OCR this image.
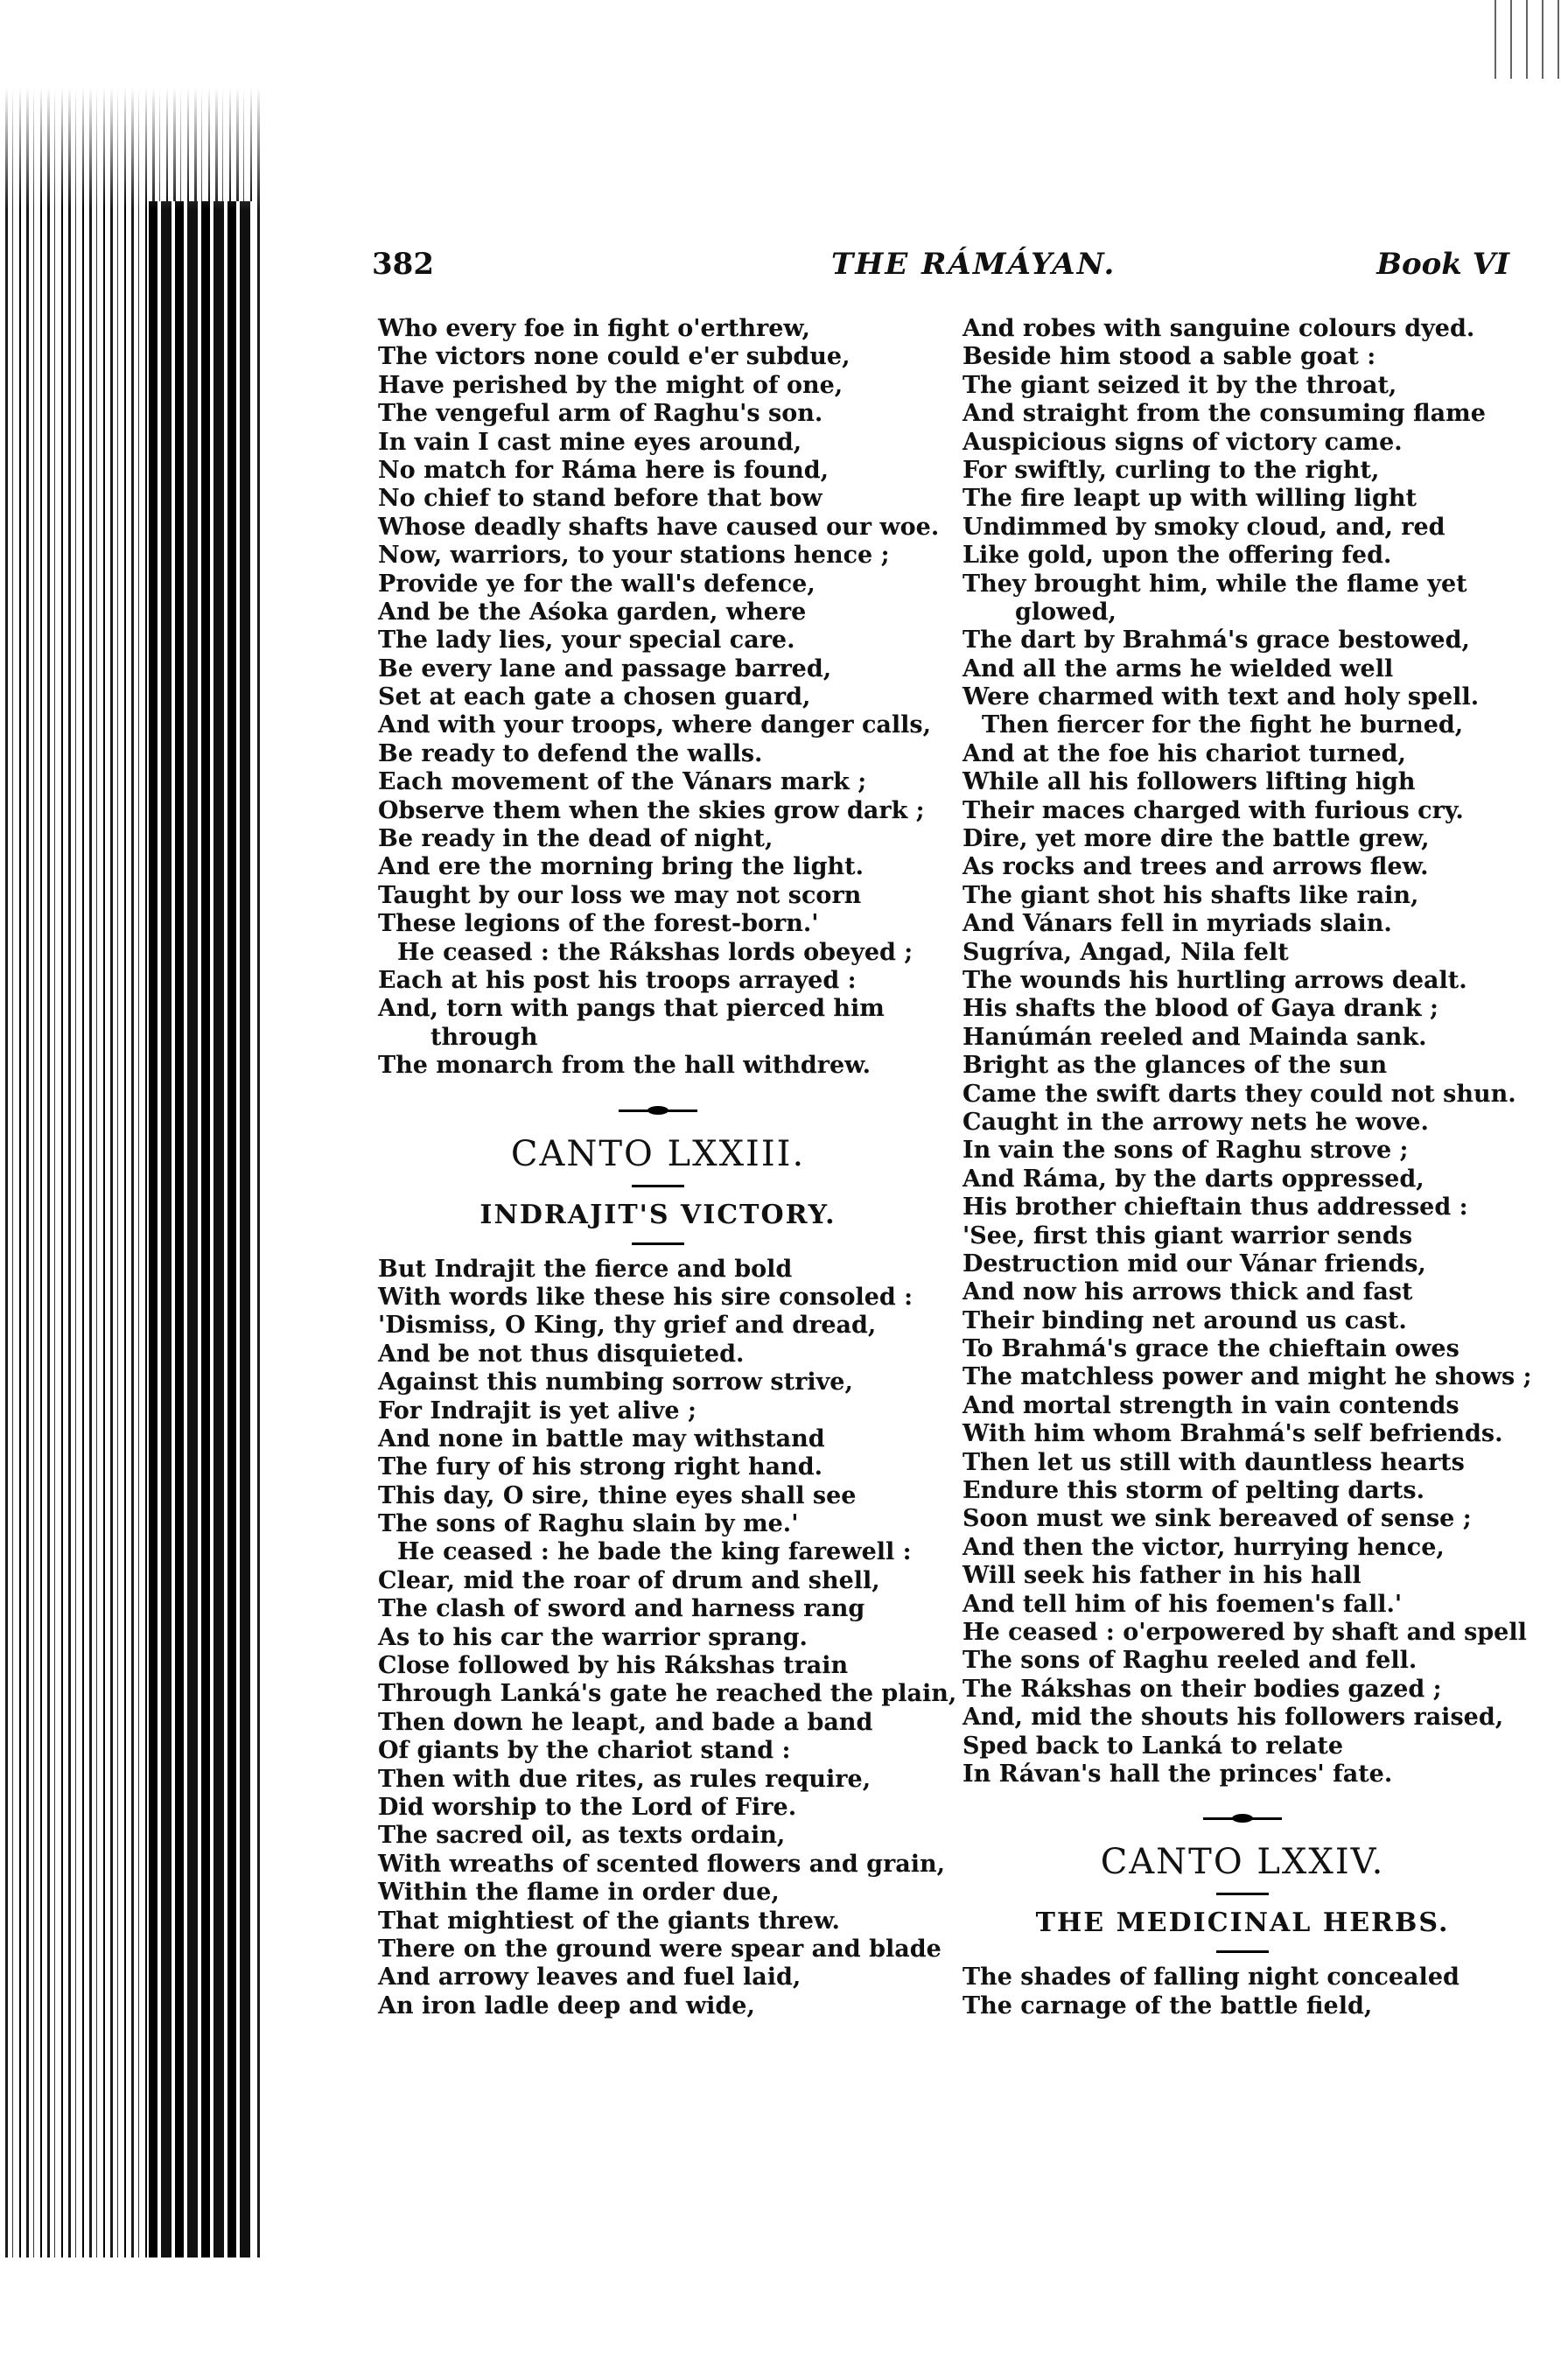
382	THE RÁMÁYAN.	Book VI
Who every foe in fight o'erthrew,
The victors none could e'er subdue,
Have perished by the might of one,
The vengeful arm of Raghu's son.
In vain I cast mine eyes around,
No match for Ráma here is found,
No chief to stand before that bow
Whose deadly shafts have caused our woe.
Now, warriors, to your stations hence ;
Provide ye for the wall's defence,
And be the Aśoka garden, where
The lady lies, your special care.
Be every lane and passage barred,
Set at each gate a chosen guard,
And with your troops, where danger calls,
Be ready to defend the walls.
Each movement of the Vánars mark ;
Observe them when the skies grow dark ;
Be ready in the dead of night,
And ere the morning bring the light.
Taught by our loss we may not scorn
These legions of the forest-born.'
He ceased : the Rákshas lords obeyed ;
Each at his post his troops arrayed :
And, torn with pangs that pierced him
through
The monarch from the hall withdrew.
CANTO LXXIII.
INDRAJIT'S VICTORY.
But Indrajit the fierce and bold
With words like these his sire consoled :
'Dismiss, O King, thy grief and dread,
And be not thus disquieted.
Against this numbing sorrow strive,
For Indrajit is yet alive ;
And none in battle may withstand
The fury of his strong right hand.
This day, O sire, thine eyes shall see
The sons of Raghu slain by me.'
He ceased : he bade the king farewell :
Clear, mid the roar of drum and shell,
The clash of sword and harness rang
As to his car the warrior sprang.
Close followed by his Rákshas train
Through Lanká's gate he reached the plain,
Then down he leapt, and bade a band
Of giants by the chariot stand :
Then with due rites, as rules require,
Did worship to the Lord of Fire.
The sacred oil, as texts ordain,
With wreaths of scented flowers and grain,
Within the flame in order due,
That mightiest of the giants threw.
There on the ground were spear and blade
And arrowy leaves and fuel laid,
An iron ladle deep and wide,
And robes with sanguine colours dyed.
Beside him stood a sable goat :
The giant seized it by the throat,
And straight from the consuming flame
Auspicious signs of victory came.
For swiftly, curling to the right,
The fire leapt up with willing light
Undimmed by smoky cloud, and, red
Like gold, upon the offering fed.
They brought him, while the flame yet
glowed,
The dart by Brahmá's grace bestowed,
And all the arms he wielded well
Were charmed with text and holy spell.
Then fiercer for the fight he burned,
And at the foe his chariot turned,
While all his followers lifting high
Their maces charged with furious cry.
Dire, yet more dire the battle grew,
As rocks and trees and arrows flew.
The giant shot his shafts like rain,
And Vánars fell in myriads slain.
Sugríva, Angad, Nila felt
The wounds his hurtling arrows dealt.
His shafts the blood of Gaya drank ;
Hanúmán reeled and Mainda sank.
Bright as the glances of the sun
Came the swift darts they could not shun.
Caught in the arrowy nets he wove.
In vain the sons of Raghu strove ;
And Ráma, by the darts oppressed,
His brother chieftain thus addressed :
'See, first this giant warrior sends
Destruction mid our Vánar friends,
And now his arrows thick and fast
Their binding net around us cast.
To Brahmá's grace the chieftain owes
The matchless power and might he shows ;
And mortal strength in vain contends
With him whom Brahmá's self befriends.
Then let us still with dauntless hearts
Endure this storm of pelting darts.
Soon must we sink bereaved of sense ;
And then the victor, hurrying hence,
Will seek his father in his hall
And tell him of his foemen's fall.'
He ceased : o'erpowered by shaft and spell
The sons of Raghu reeled and fell.
The Rákshas on their bodies gazed ;
And, mid the shouts his followers raised,
Sped back to Lanká to relate
In Rávan's hall the princes' fate.
CANTO LXXIV.
THE MEDICINAL HERBS.
The shades of falling night concealed
The carnage of the battle field,
